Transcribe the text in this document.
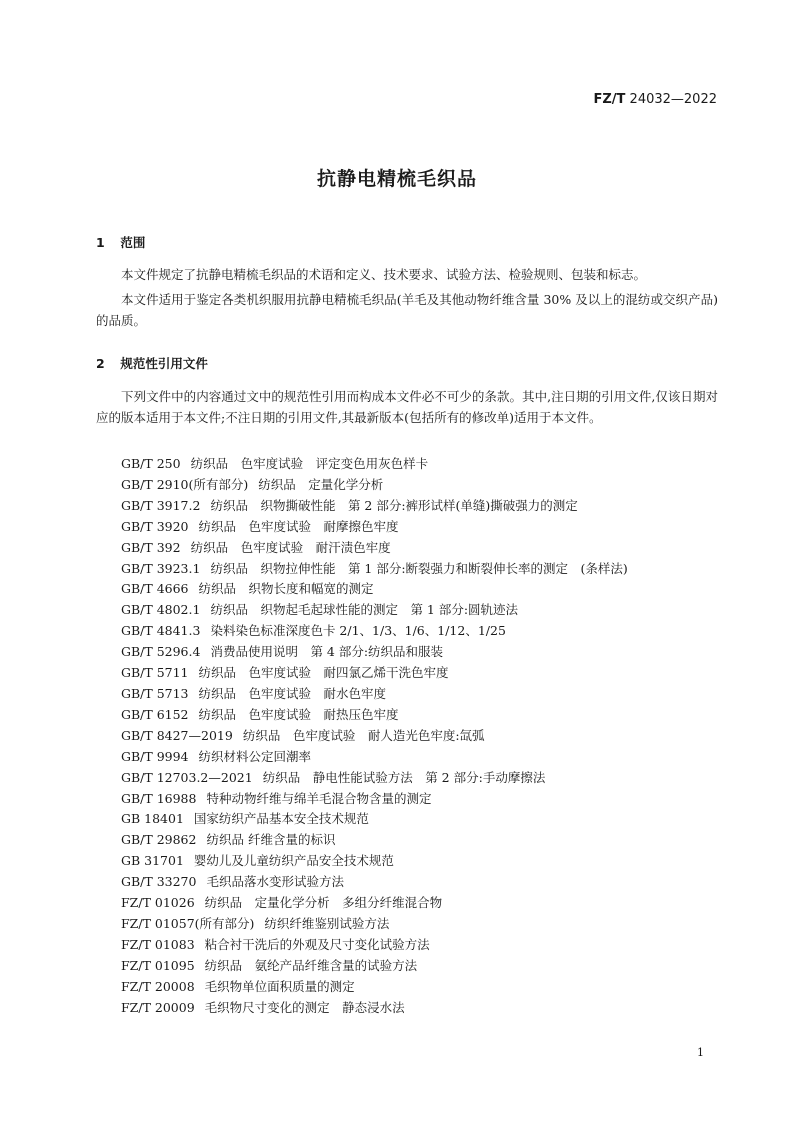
FZ/T 24032—2022
抗静电精梳毛织品
1 范围
本文件规定了抗静电精梳毛织品的术语和定义、技术要求、试验方法、检验规则、包装和标志。
本文件适用于鉴定各类机织服用抗静电精梳毛织品(羊毛及其他动物纤维含量 30% 及以上的混纺或交织产品)的品质。
2 规范性引用文件
下列文件中的内容通过文中的规范性引用而构成本文件必不可少的条款。其中,注日期的引用文件,仅该日期对应的版本适用于本文件;不注日期的引用文件,其最新版本(包括所有的修改单)适用于本文件。
GB/T 250 纺织品　色牢度试验　评定变色用灰色样卡
GB/T 2910(所有部分) 纺织品　定量化学分析
GB/T 3917.2 纺织品　织物撕破性能　第 2 部分:裤形试样(单缝)撕破强力的测定
GB/T 3920 纺织品　色牢度试验　耐摩擦色牢度
GB/T 392 纺织品　色牢度试验　耐汗渍色牢度
GB/T 3923.1 纺织品　织物拉伸性能　第 1 部分:断裂强力和断裂伸长率的测定　(条样法)
GB/T 4666 纺织品　织物长度和幅宽的测定
GB/T 4802.1 纺织品　织物起毛起球性能的测定　第 1 部分:圆轨迹法
GB/T 4841.3 染料染色标准深度色卡 2/1、1/3、1/6、1/12、1/25
GB/T 5296.4 消费品使用说明　第 4 部分:纺织品和服装
GB/T 5711 纺织品　色牢度试验　耐四氯乙烯干洗色牢度
GB/T 5713 纺织品　色牢度试验　耐水色牢度
GB/T 6152 纺织品　色牢度试验　耐热压色牢度
GB/T 8427—2019 纺织品　色牢度试验　耐人造光色牢度:氙弧
GB/T 9994 纺织材料公定回潮率
GB/T 12703.2—2021 纺织品　静电性能试验方法　第 2 部分:手动摩擦法
GB/T 16988 特种动物纤维与绵羊毛混合物含量的测定
GB 18401 国家纺织产品基本安全技术规范
GB/T 29862 纺织品 纤维含量的标识
GB 31701 婴幼儿及儿童纺织产品安全技术规范
GB/T 33270 毛织品落水变形试验方法
FZ/T 01026 纺织品　定量化学分析　多组分纤维混合物
FZ/T 01057(所有部分) 纺织纤维鉴别试验方法
FZ/T 01083 粘合衬干洗后的外观及尺寸变化试验方法
FZ/T 01095 纺织品　氨纶产品纤维含量的试验方法
FZ/T 20008 毛织物单位面积质量的测定
FZ/T 20009 毛织物尺寸变化的测定　静态浸水法
1
